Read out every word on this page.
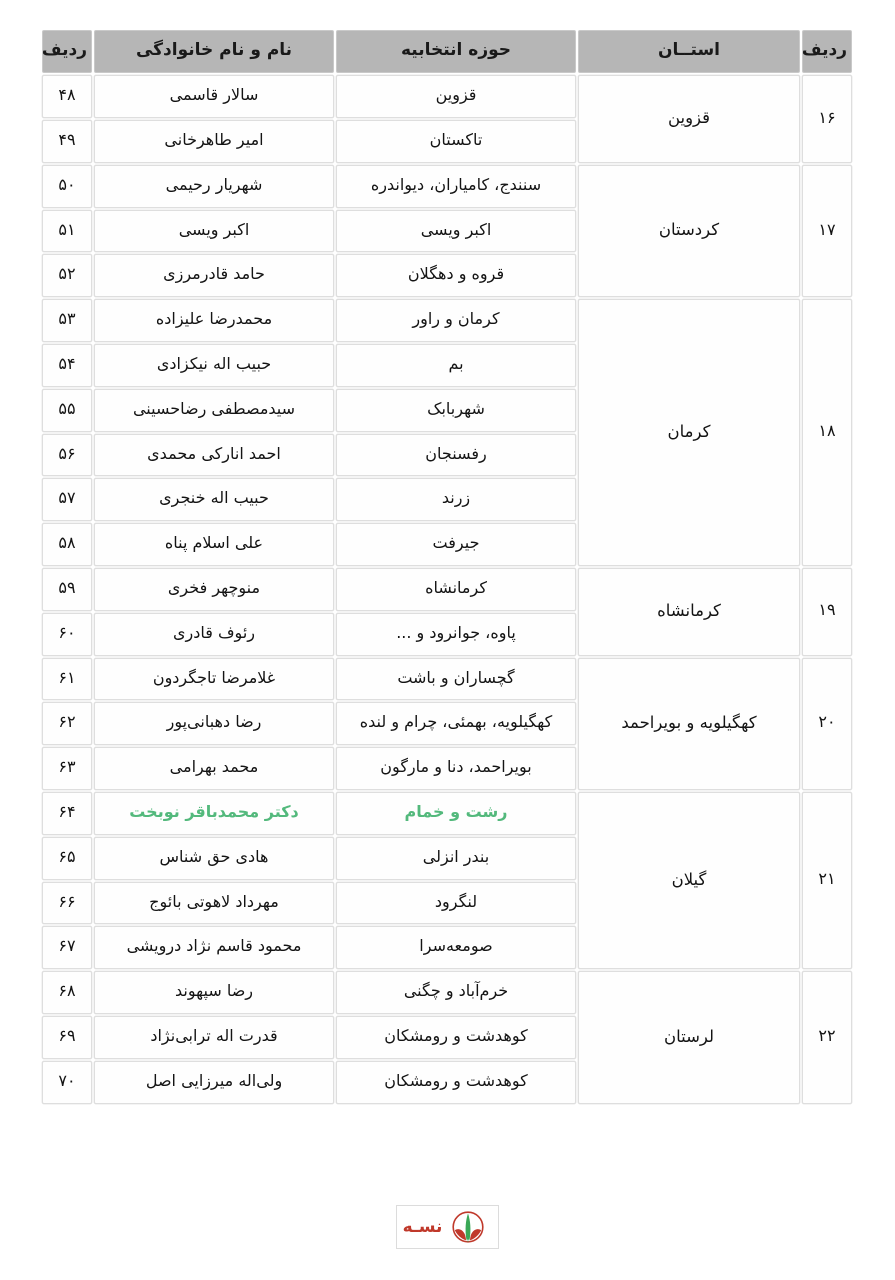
ردیف	استــان	حوزه انتخابیه	نام و نام خانوادگی	ردیف
۱۶	قزوین	قزوین	سالار قاسمی	۴۸
		تاکستان	امیر طاهرخانی	۴۹
۱۷	کردستان	سنندج، کامیاران، دیواندره	شهریار رحیمی	۵۰
		اکبر ویسی	اکبر ویسی	۵۱
		قروه و دهگلان	حامد قادرمرزی	۵۲
۱۸	کرمان	کرمان و راور	محمدرضا علیزاده	۵۳
		بم	حبیب اله نیکزادی	۵۴
		شهربابک	سیدمصطفی رضاحسینی	۵۵
		رفسنجان	احمد انارکی محمدی	۵۶
		زرند	حبیب اله خنجری	۵۷
		جیرفت	علی اسلام پناه	۵۸
۱۹	کرمانشاه	کرمانشاه	منوچهر فخری	۵۹
		پاوه، جوانرود و ...	رئوف قادری	۶۰
۲۰	کهگیلویه و بویراحمد	گچساران و باشت	غلامرضا تاجگردون	۶۱
		کهگیلویه، بهمئی، چرام و لنده	رضا دهبانی‌پور	۶۲
		بویراحمد، دنا و مارگون	محمد بهرامی	۶۳
۲۱	گیلان	رشت و خمام	دکتر محمدباقر نوبخت	۶۴
		بندر انزلی	هادی حق شناس	۶۵
		لنگرود	مهرداد لاهوتی بائوج	۶۶
		صومعه‌سرا	محمود قاسم نژاد درویشی	۶۷
۲۲	لرستان	خرم‌آباد و چگنی	رضا سپهوند	۶۸
		کوهدشت و رومشکان	قدرت اله ترابی‌نژاد	۶۹
		کوهدشت و رومشکان	ولی‌اله میرزایی اصل	۷۰
نسـه
